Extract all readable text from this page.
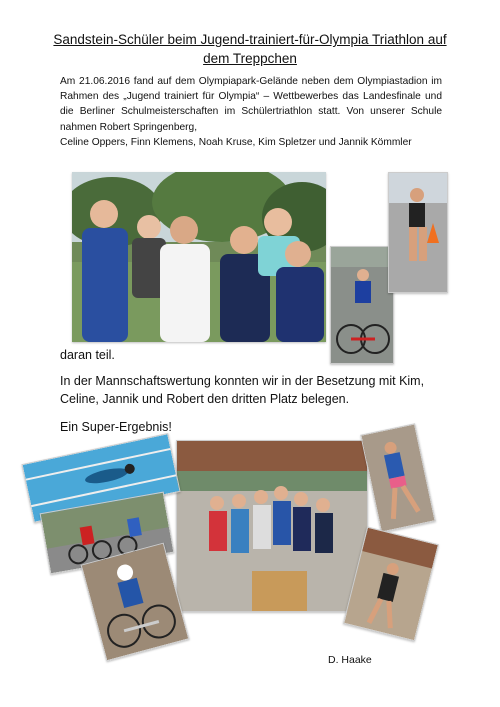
Sandstein-Schüler beim Jugend-trainiert-für-Olympia Triathlon auf dem Treppchen

Am 21.06.2016 fand auf dem Olympiapark-Gelände neben dem Olympiastadion im Rahmen des „Jugend trainiert für Olympia“ – Wettbewerbes das Landesfinale und die Berliner Schulmeisterschaften im Schülertriathlon statt. Von unserer Schule nahmen Robert Springenberg,

Celine Oppers, Finn Klemens, Noah Kruse, Kim Spletzer und Jannik Kömmler

daran teil.
In der Mannschaftswertung konnten wir in der Besetzung mit Kim, Celine, Jannik und Robert den dritten Platz belegen.
Ein Super-Ergebnis!
D. Haake
